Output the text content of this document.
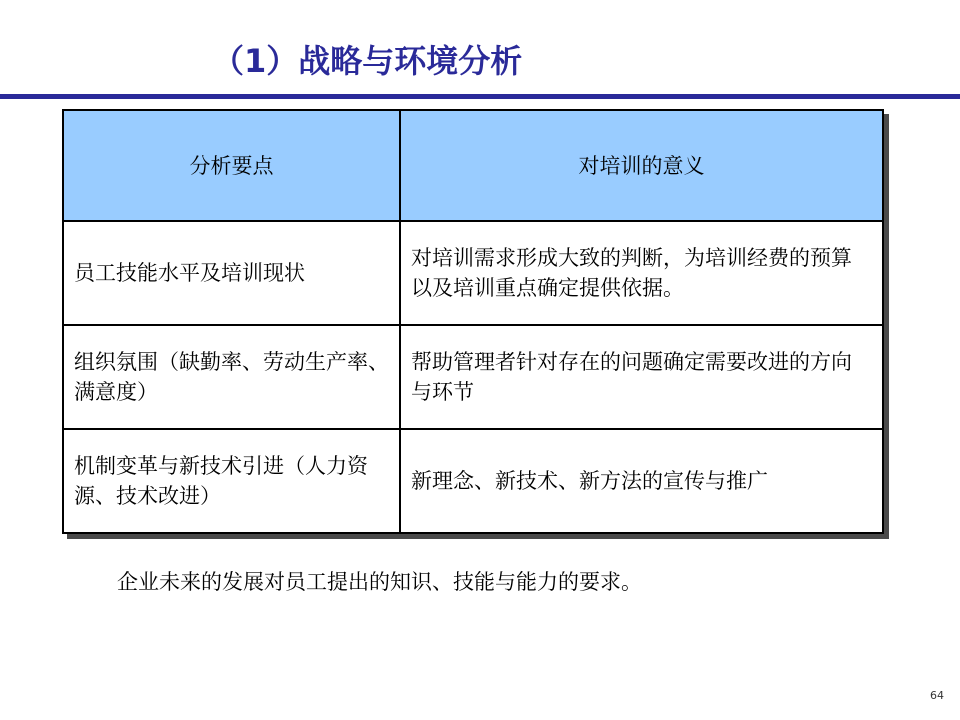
（1）战略与环境分析
分析要点	对培训的意义
员工技能水平及培训现状	对培训需求形成大致的判断，为培训经费的预算以及培训重点确定提供依据。
组织氛围（缺勤率、劳动生产率、满意度）	帮助管理者针对存在的问题确定需要改进的方向与环节
机制变革与新技术引进（人力资源、技术改进）	新理念、新技术、新方法的宣传与推广
企业未来的发展对员工提出的知识、技能与能力的要求。
64
